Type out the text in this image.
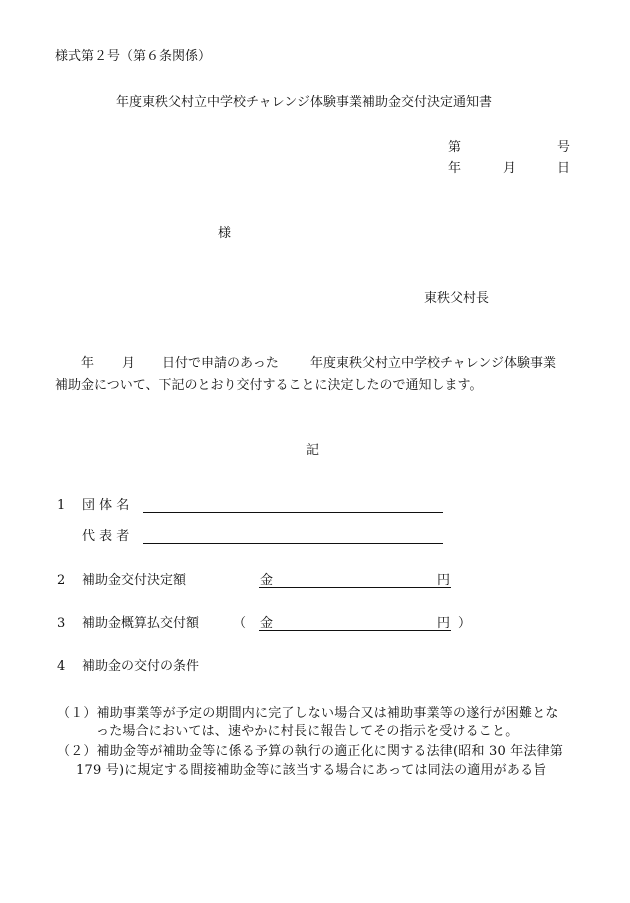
様式第２号（第６条関係）
年度東秩父村立中学校チャレンジ体験事業補助金交付決定通知書
第	号
年	月	日
様
東秩父村長
年 月 日付で申請のあった 年度東秩父村立中学校チャレンジ体験事業
補助金について、下記のとおり交付することに決定したので通知します。
記
1 団 体 名
代 表 者
2 補助金交付決定額	金	円
3 補助金概算払交付額	（ 金	円 ）
4 補助金の交付の条件
（１）補助事業等が予定の期間内に完了しない場合又は補助事業等の遂行が困難とな
った場合においては、速やかに村長に報告してその指示を受けること。
（２）補助金等が補助金等に係る予算の執行の適正化に関する法律(昭和 30 年法律第
179 号)に規定する間接補助金等に該当する場合にあっては同法の適用がある旨
